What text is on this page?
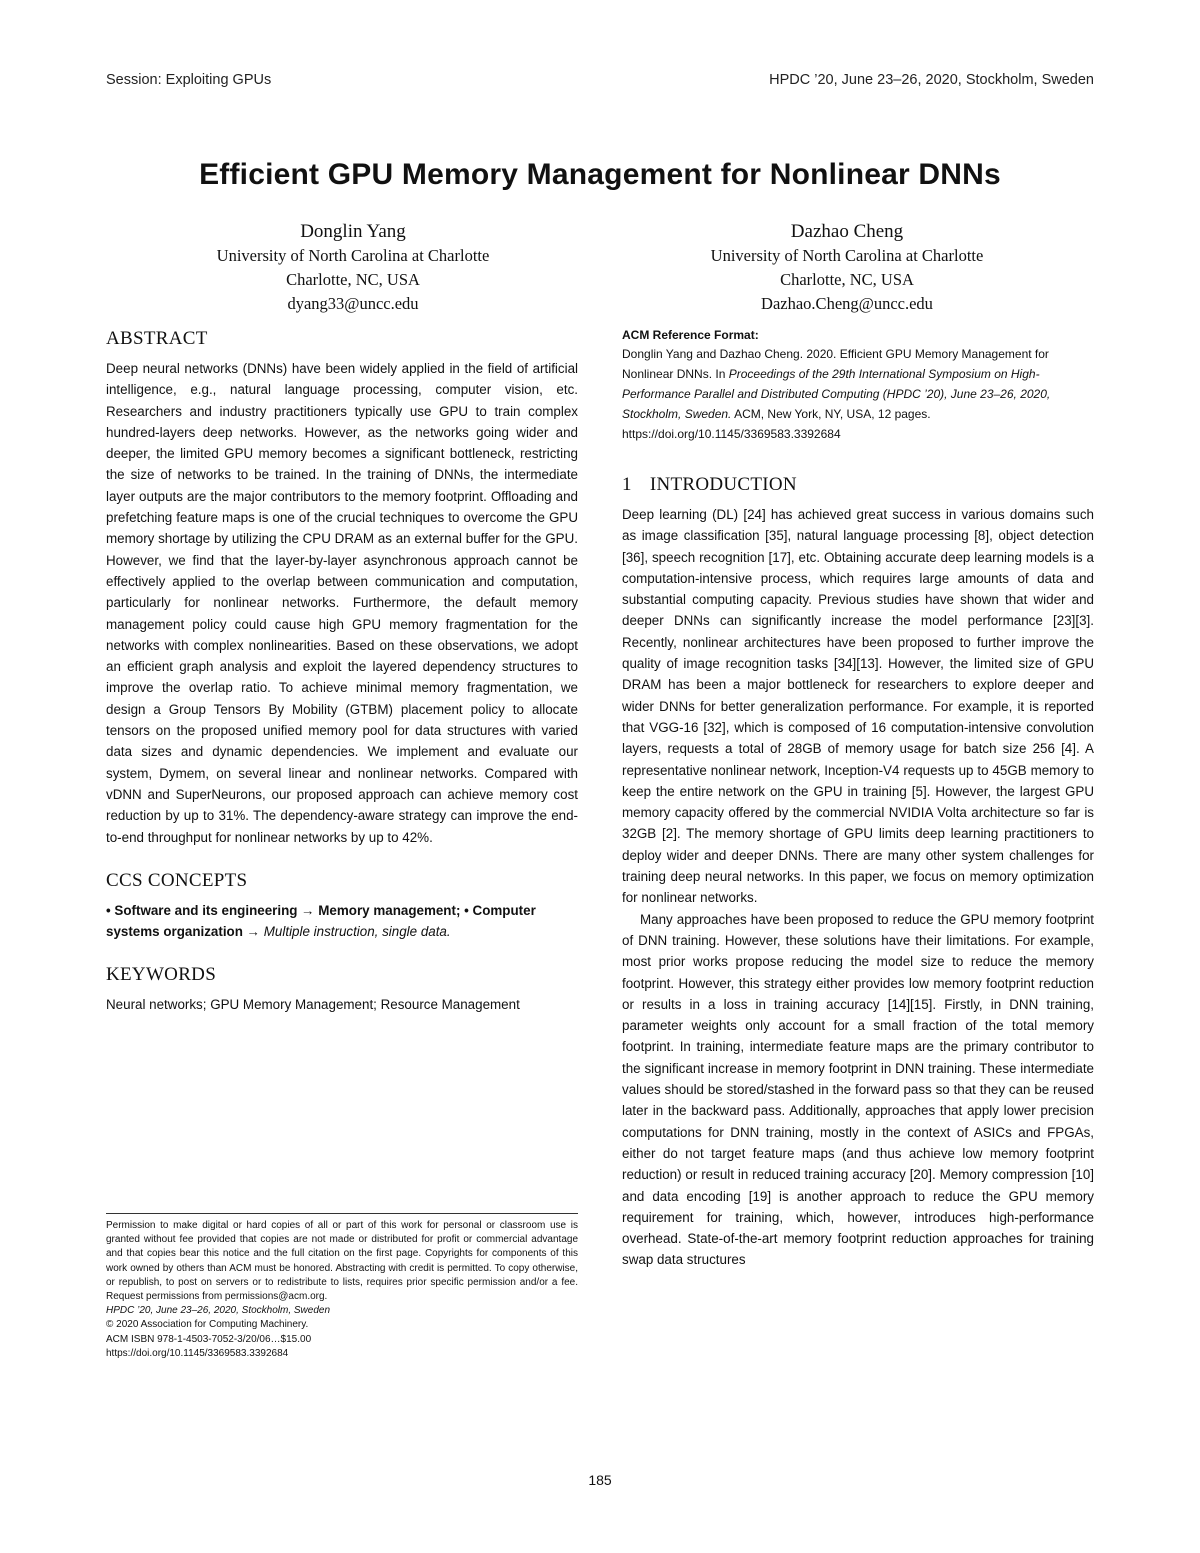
Session: Exploiting GPUs	HPDC ’20, June 23–26, 2020, Stockholm, Sweden
Efficient GPU Memory Management for Nonlinear DNNs
Donglin Yang
University of North Carolina at Charlotte
Charlotte, NC, USA
dyang33@uncc.edu
Dazhao Cheng
University of North Carolina at Charlotte
Charlotte, NC, USA
Dazhao.Cheng@uncc.edu
ABSTRACT

Deep neural networks (DNNs) have been widely applied in the field of artificial intelligence, e.g., natural language processing, computer vision, etc. Researchers and industry practitioners typically use GPU to train complex hundred-layers deep networks. However, as the networks going wider and deeper, the limited GPU memory becomes a significant bottleneck, restricting the size of networks to be trained. In the training of DNNs, the intermediate layer outputs are the major contributors to the memory footprint. Offloading and prefetching feature maps is one of the crucial techniques to overcome the GPU memory shortage by utilizing the CPU DRAM as an external buffer for the GPU. However, we find that the layer-by-layer asynchronous approach cannot be effectively applied to the overlap between communication and computation, particularly for nonlinear networks. Furthermore, the default memory management policy could cause high GPU memory fragmentation for the networks with complex nonlinearities. Based on these observations, we adopt an efficient graph analysis and exploit the layered dependency structures to improve the overlap ratio. To achieve minimal memory fragmentation, we design a Group Tensors By Mobility (GTBM) placement policy to allocate tensors on the proposed unified memory pool for data structures with varied data sizes and dynamic dependencies. We implement and evaluate our system, Dymem, on several linear and nonlinear networks. Compared with vDNN and SuperNeurons, our proposed approach can achieve memory cost reduction by up to 31%. The dependency-aware strategy can improve the end-to-end throughput for nonlinear networks by up to 42%.

CCS CONCEPTS

• Software and its engineering → Memory management; • Computer systems organization → Multiple instruction, single data.

KEYWORDS

Neural networks; GPU Memory Management; Resource Management

Permission to make digital or hard copies of all or part of this work for personal or classroom use is granted without fee provided that copies are not made or distributed for profit or commercial advantage and that copies bear this notice and the full citation on the first page. Copyrights for components of this work owned by others than ACM must be honored. Abstracting with credit is permitted. To copy otherwise, or republish, to post on servers or to redistribute to lists, requires prior specific permission and/or a fee. Request permissions from permissions@acm.org.
HPDC ’20, June 23–26, 2020, Stockholm, Sweden
© 2020 Association for Computing Machinery.
ACM ISBN 978-1-4503-7052-3/20/06…$15.00
https://doi.org/10.1145/3369583.3392684

ACM Reference Format:

Donglin Yang and Dazhao Cheng. 2020. Efficient GPU Memory Management for Nonlinear DNNs. In Proceedings of the 29th International Symposium on High-Performance Parallel and Distributed Computing (HPDC ’20), June 23–26, 2020, Stockholm, Sweden. ACM, New York, NY, USA, 12 pages. https://doi.org/10.1145/3369583.3392684

1 INTRODUCTION

Deep learning (DL) [24] has achieved great success in various domains such as image classification [35], natural language processing [8], object detection [36], speech recognition [17], etc. Obtaining accurate deep learning models is a computation-intensive process, which requires large amounts of data and substantial computing capacity. Previous studies have shown that wider and deeper DNNs can significantly increase the model performance [23][3]. Recently, nonlinear architectures have been proposed to further improve the quality of image recognition tasks [34][13]. However, the limited size of GPU DRAM has been a major bottleneck for researchers to explore deeper and wider DNNs for better generalization performance. For example, it is reported that VGG-16 [32], which is composed of 16 computation-intensive convolution layers, requests a total of 28GB of memory usage for batch size 256 [4]. A representative nonlinear network, Inception-V4 requests up to 45GB memory to keep the entire network on the GPU in training [5]. However, the largest GPU memory capacity offered by the commercial NVIDIA Volta architecture so far is 32GB [2]. The memory shortage of GPU limits deep learning practitioners to deploy wider and deeper DNNs. There are many other system challenges for training deep neural networks. In this paper, we focus on memory optimization for nonlinear networks.

Many approaches have been proposed to reduce the GPU memory footprint of DNN training. However, these solutions have their limitations. For example, most prior works propose reducing the model size to reduce the memory footprint. However, this strategy either provides low memory footprint reduction or results in a loss in training accuracy [14][15]. Firstly, in DNN training, parameter weights only account for a small fraction of the total memory footprint. In training, intermediate feature maps are the primary contributor to the significant increase in memory footprint in DNN training. These intermediate values should be stored/stashed in the forward pass so that they can be reused later in the backward pass. Additionally, approaches that apply lower precision computations for DNN training, mostly in the context of ASICs and FPGAs, either do not target feature maps (and thus achieve low memory footprint reduction) or result in reduced training accuracy [20]. Memory compression [10] and data encoding [19] is another approach to reduce the GPU memory requirement for training, which, however, introduces high-performance overhead. State-of-the-art memory footprint reduction approaches for training swap data structures

185
